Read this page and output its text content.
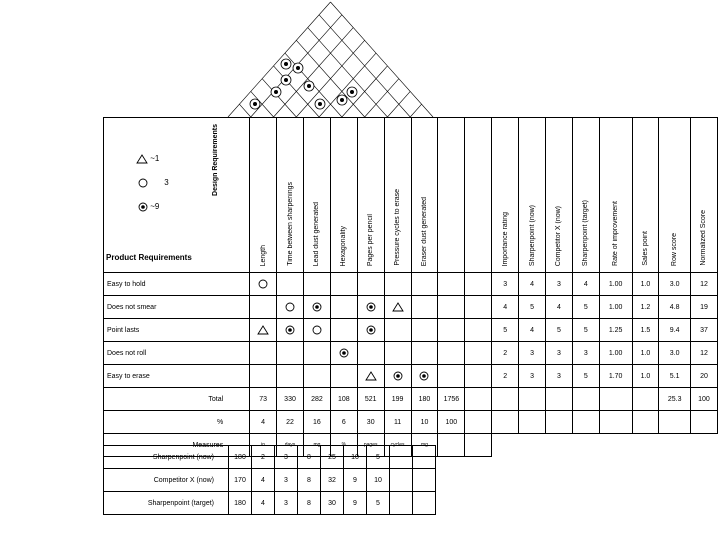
~1
3
~9
Design Requirements
Product Requirements	Length	Time between sharpenings	Lead dust generated	Hexagonality	Pages per pencil	Pressure cycles to erase	Eraser dust generated			Importance rating	Sharpenpoint (now)	Competitor X (now)	Sharpenpoint (target)	Rate of improvement	Sales point	Row score	Normalized Score
Easy to hold										3	4	3	4	1.00	1.0	3.0	12
Does not smear										4	5	4	5	1.00	1.2	4.8	19
Point lasts										5	4	5	5	1.25	1.5	9.4	37
Does not roll										2	3	3	3	1.00	1.0	3.0	12
Easy to erase										2	3	3	5	1.70	1.0	5.1	20
Total	73	330	282	108	521	199	180	1756								25.3	100
%	4	22	16	6	30	11	10	100									
Measures	in	days	mg	%	pages	cycles	mg										
Sharpenpoint (now)	180	2	3	8	25	10	5		
Competitor X (now)	170	4	3	8	32	9	10		
Sharpenpoint (target)	180	4	3	8	30	9	5		
